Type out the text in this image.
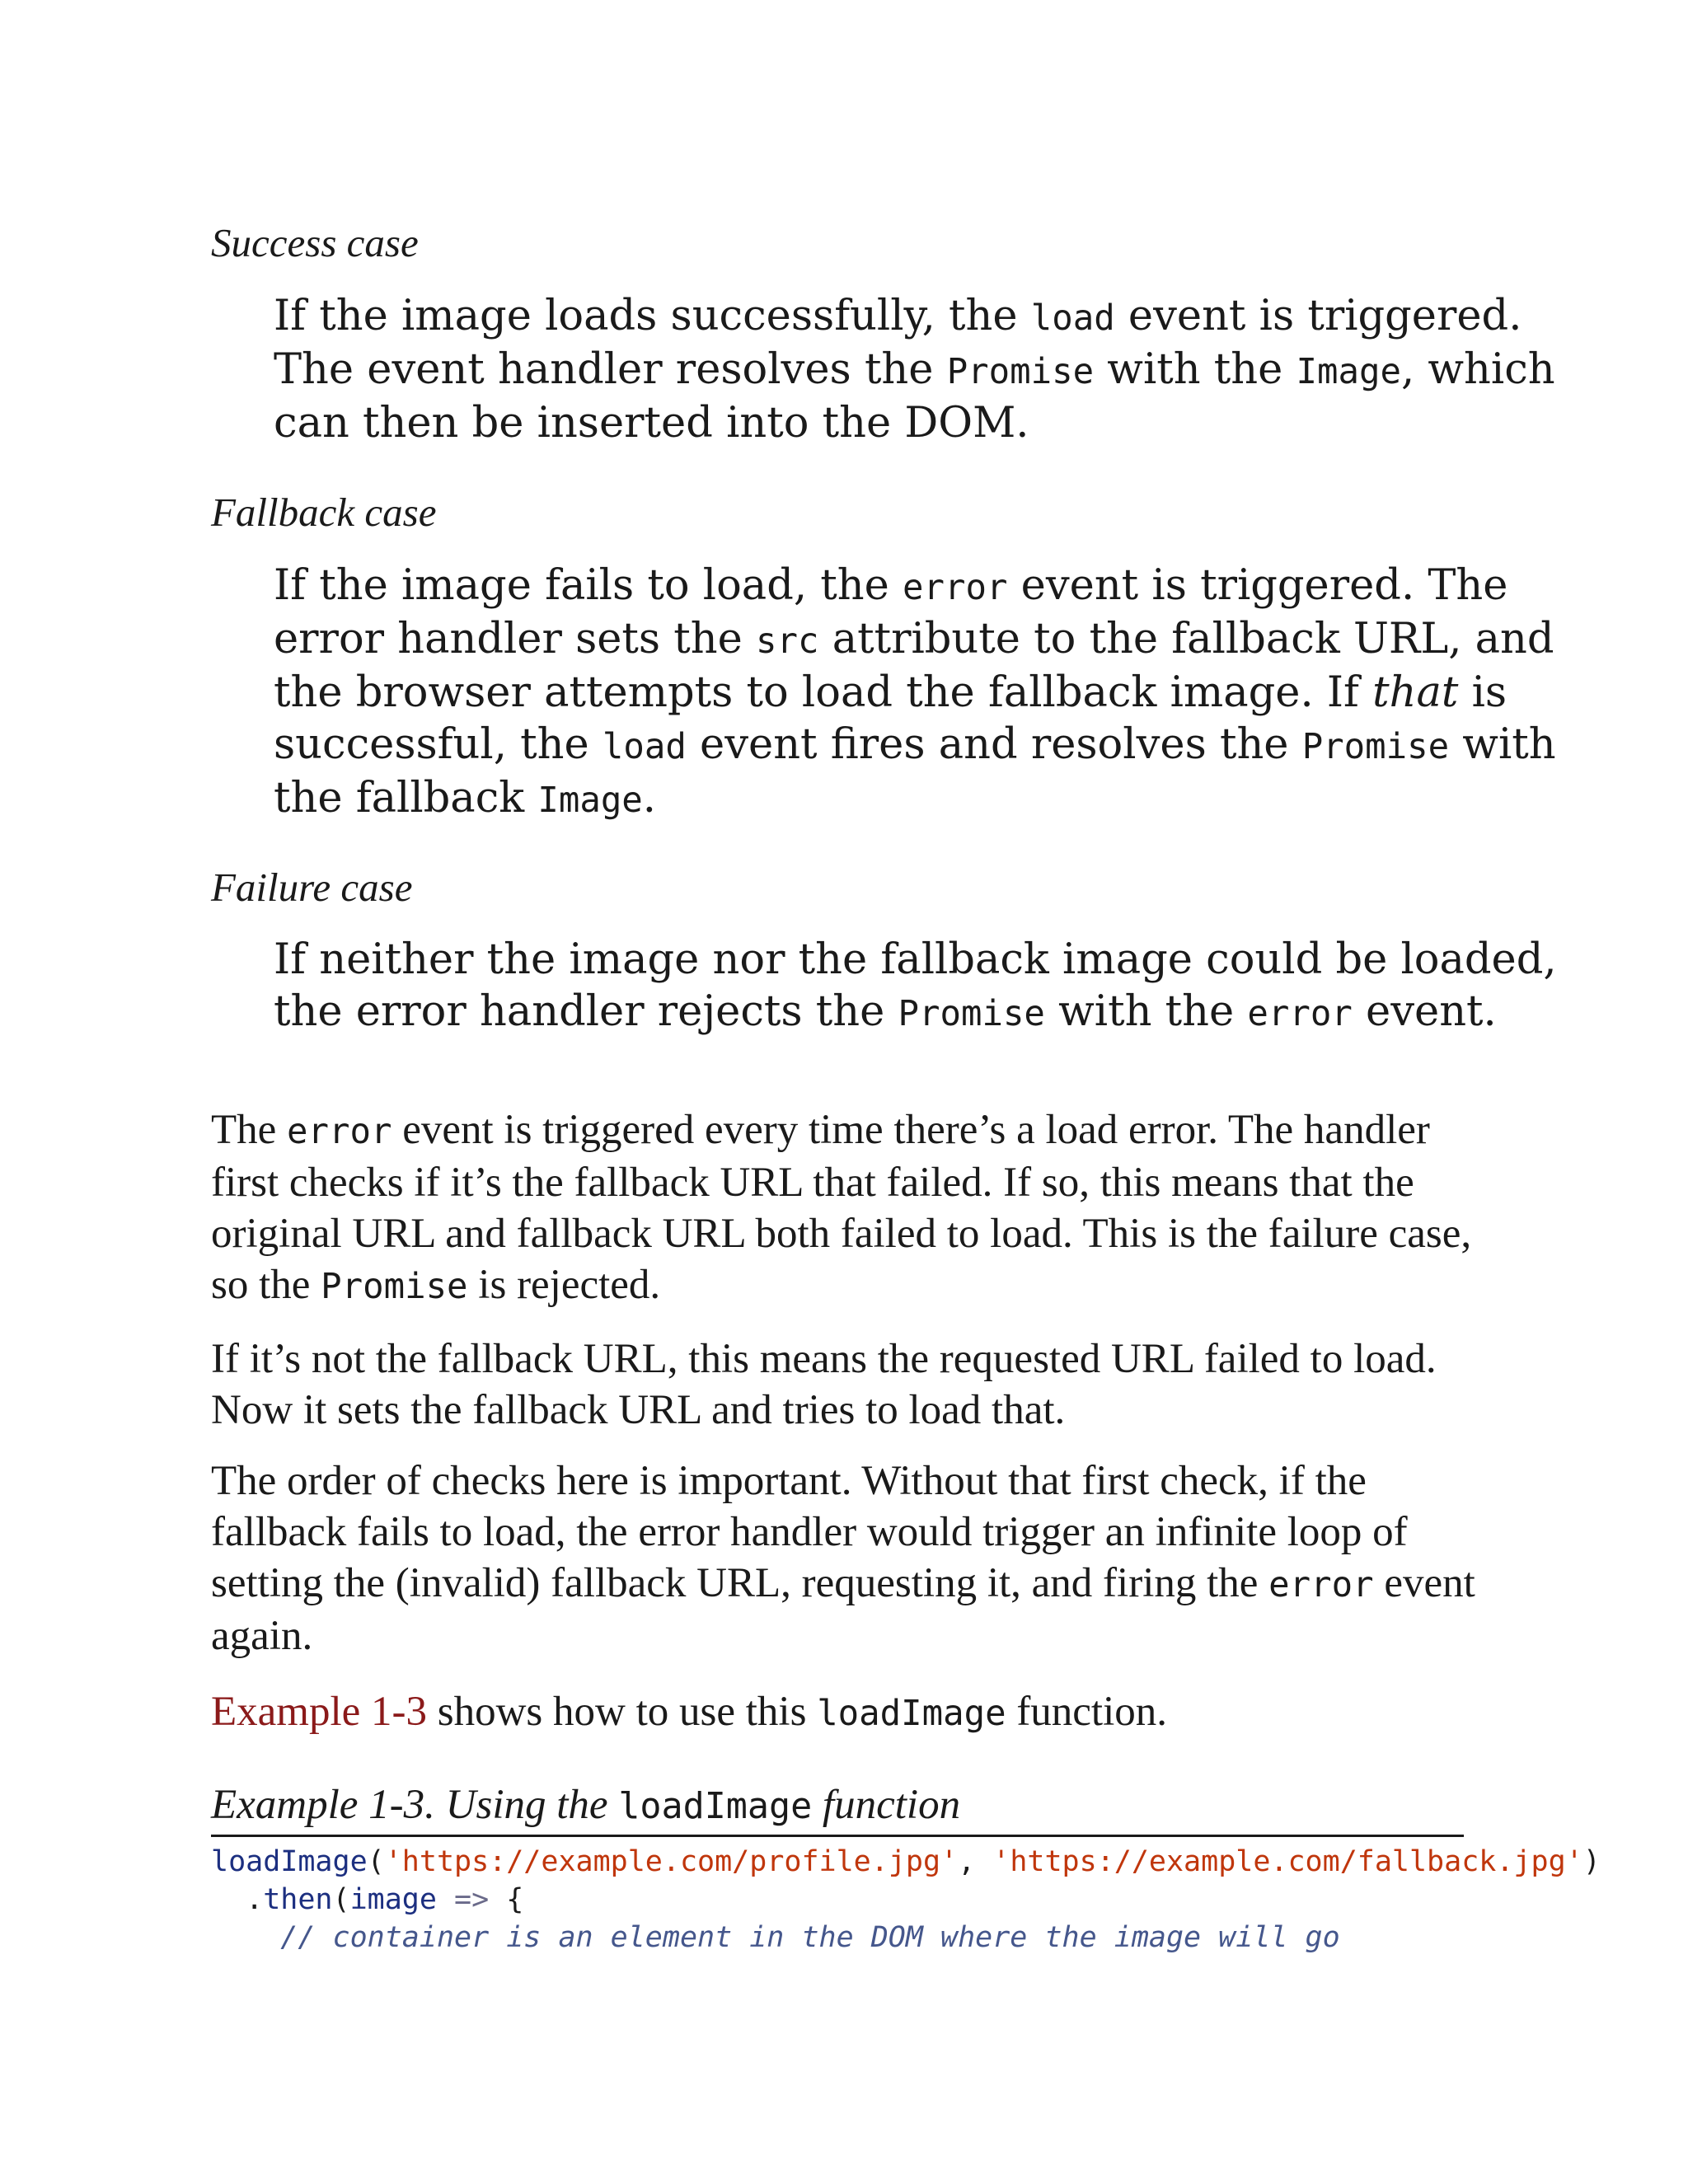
Success case

If the image loads successfully, the load event is triggered.
The event handler resolves the Promise with the Image, which
can then be inserted into the DOM.

Fallback case

If the image fails to load, the error event is triggered. The
error handler sets the src attribute to the fallback URL, and
the browser attempts to load the fallback image. If that is
successful, the load event fires and resolves the Promise with
the fallback Image.

Failure case

If neither the image nor the fallback image could be loaded,
the error handler rejects the Promise with the error event.

The error event is triggered every time there’s a load error. The handler
first checks if it’s the fallback URL that failed. If so, this means that the
original URL and fallback URL both failed to load. This is the failure case,
so the Promise is rejected.

If it’s not the fallback URL, this means the requested URL failed to load.
Now it sets the fallback URL and tries to load that.

The order of checks here is important. Without that first check, if the
fallback fails to load, the error handler would trigger an infinite loop of
setting the (invalid) fallback URL, requesting it, and firing the error event
again.

Example 1-3 shows how to use this loadImage function.

Example 1-3. Using the loadImage function

loadImage('https://example.com/profile.jpg', 'https://example.com/fallback.jpg')
.then(image => {
// container is an element in the DOM where the image will go
